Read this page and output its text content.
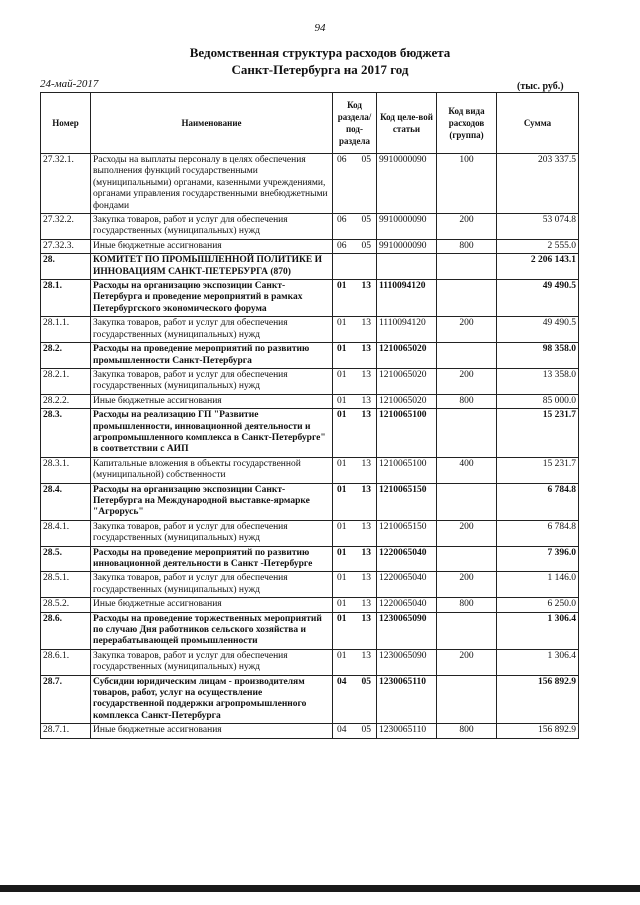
94
Ведомственная структура расходов бюджета
Санкт-Петербурга на 2017 год
24-май-2017	(тыс. руб.)
Номер	Наименование	Код раздела/ под-раздела	Код целе-вой статьи	Код вида расходов (группа)	Сумма
27.32.1.	Расходы на выплаты персоналу в целях обеспечения выполнения функций государственными (муниципальными) органами, казенными учреждениями, органами управления государственными внебюджетными фондами	06 05	9910000090	100	203 337.5
27.32.2.	Закупка товаров, работ и услуг для обеспечения государственных (муниципальных) нужд	06 05	9910000090	200	53 074.8
27.32.3.	Иные бюджетные ассигнования	06 05	9910000090	800	2 555.0
28.	КОМИТЕТ ПО ПРОМЫШЛЕННОЙ ПОЛИТИКЕ И ИННОВАЦИЯМ САНКТ-ПЕТЕРБУРГА (870)				2 206 143.1
28.1.	Расходы на организацию экспозиции Санкт-Петербурга и проведение мероприятий в рамках Петербургского экономического форума	01 13	1110094120		49 490.5
28.1.1.	Закупка товаров, работ и услуг для обеспечения государственных (муниципальных) нужд	01 13	1110094120	200	49 490.5
28.2.	Расходы на проведение мероприятий по развитию промышленности Санкт-Петербурга	01 13	1210065020		98 358.0
28.2.1.	Закупка товаров, работ и услуг для обеспечения государственных (муниципальных) нужд	01 13	1210065020	200	13 358.0
28.2.2.	Иные бюджетные ассигнования	01 13	1210065020	800	85 000.0
28.3.	Расходы на реализацию ГП "Развитие промышленности, инновационной деятельности и агропромышленного комплекса в Санкт-Петербурге" в соответствии с АИП	01 13	1210065100		15 231.7
28.3.1.	Капитальные вложения в объекты государственной (муниципальной) собственности	01 13	1210065100	400	15 231.7
28.4.	Расходы на организацию экспозиции Санкт-Петербурга на Международной выставке-ярмарке "Агрорусь"	01 13	1210065150		6 784.8
28.4.1.	Закупка товаров, работ и услуг для обеспечения государственных (муниципальных) нужд	01 13	1210065150	200	6 784.8
28.5.	Расходы на проведение мероприятий по развитию инновационной деятельности в Санкт -Петербурге	01 13	1220065040		7 396.0
28.5.1.	Закупка товаров, работ и услуг для обеспечения государственных (муниципальных) нужд	01 13	1220065040	200	1 146.0
28.5.2.	Иные бюджетные ассигнования	01 13	1220065040	800	6 250.0
28.6.	Расходы на проведение торжественных мероприятий по случаю Дня работников сельского хозяйства и перерабатывающей промышленности	01 13	1230065090		1 306.4
28.6.1.	Закупка товаров, работ и услуг для обеспечения государственных (муниципальных) нужд	01 13	1230065090	200	1 306.4
28.7.	Субсидии юридическим лицам - производителям товаров, работ, услуг на осуществление государственной поддержки агропромышленного комплекса Санкт-Петербурга	04 05	1230065110		156 892.9
28.7.1.	Иные бюджетные ассигнования	04 05	1230065110	800	156 892.9
